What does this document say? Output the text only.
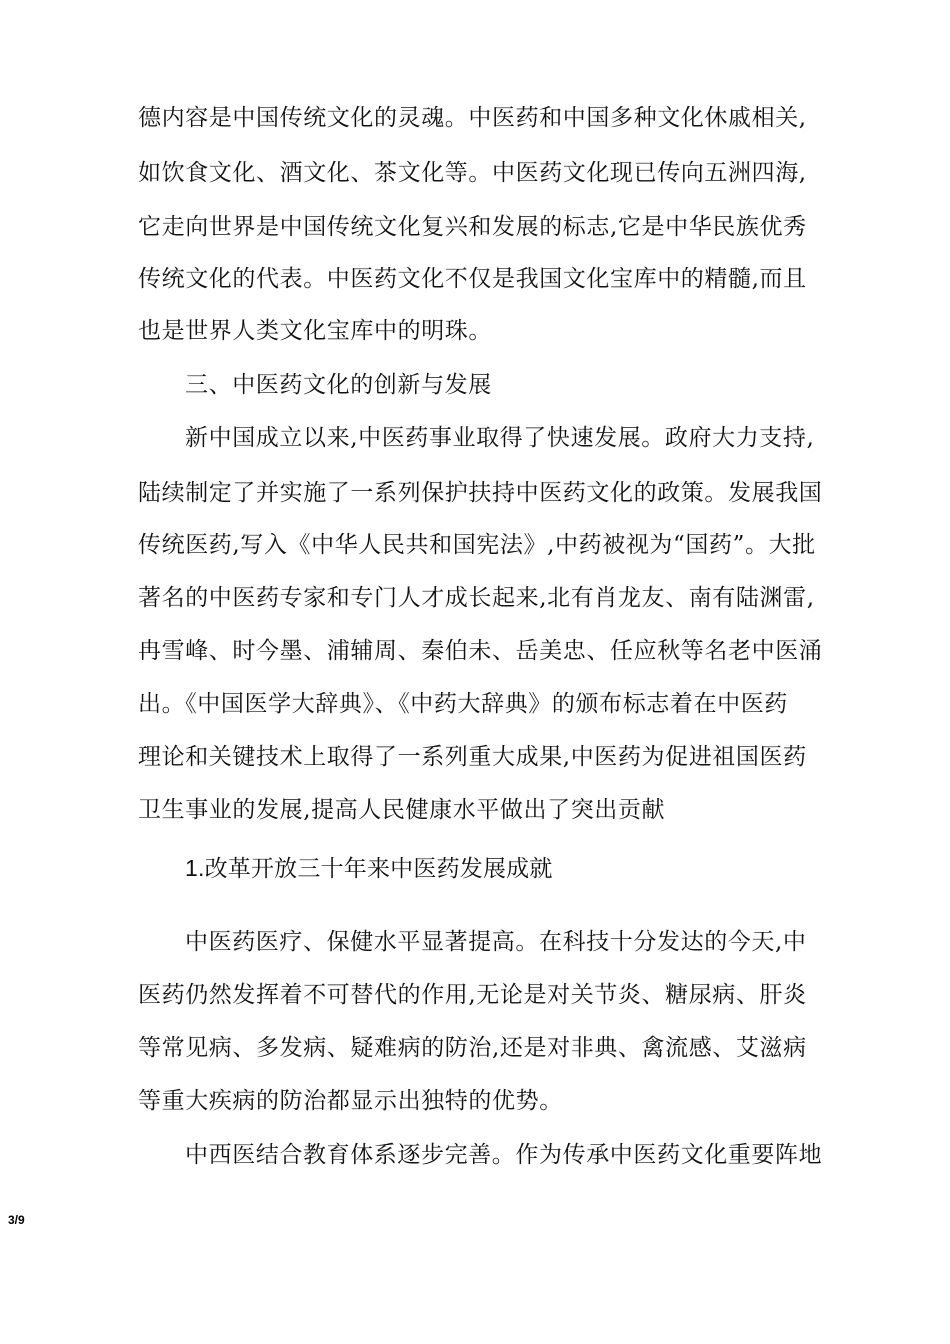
德内容是中国传统文化的灵魂。中医药和中国多种文化休戚相关,
如饮食文化、酒文化、茶文化等。中医药文化现已传向五洲四海,
它走向世界是中国传统文化复兴和发展的标志,它是中华民族优秀
传统文化的代表。中医药文化不仅是我国文化宝库中的精髓,而且
也是世界人类文化宝库中的明珠。
三、中医药文化的创新与发展
新中国成立以来,中医药事业取得了快速发展。政府大力支持,
陆续制定了并实施了一系列保护扶持中医药文化的政策。发展我国
传统医药,写入《中华人民共和国宪法》,中药被视为“国药”。大批
著名的中医药专家和专门人才成长起来,北有肖龙友、南有陆渊雷,
冉雪峰、时今墨、浦辅周、秦伯未、岳美忠、任应秋等名老中医涌
出。《中国医学大辞典》、《中药大辞典》的颁布标志着在中医药
理论和关键技术上取得了一系列重大成果,中医药为促进祖国医药
卫生事业的发展,提高人民健康水平做出了突出贡献
1.改革开放三十年来中医药发展成就
中医药医疗、保健水平显著提高。在科技十分发达的今天,中
医药仍然发挥着不可替代的作用,无论是对关节炎、糖尿病、肝炎
等常见病、多发病、疑难病的防治,还是对非典、禽流感、艾滋病
等重大疾病的防治都显示出独特的优势。
中西医结合教育体系逐步完善。作为传承中医药文化重要阵地
3/9
